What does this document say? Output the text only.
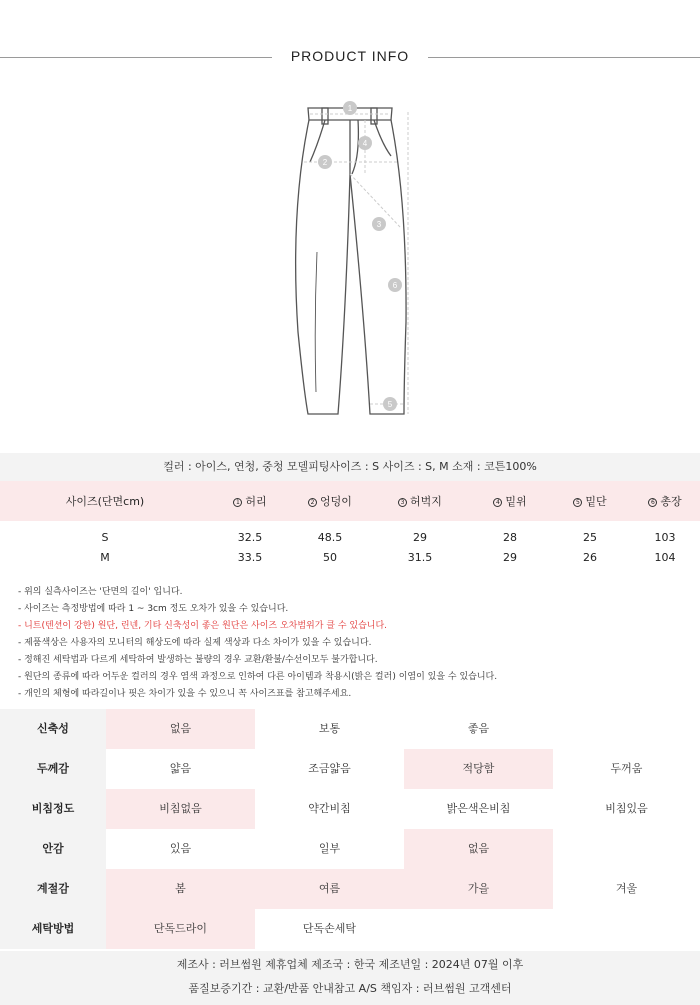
PRODUCT INFO
1
2
3
4
5
6
컬러 : 아이스, 연청, 중청 모델피팅사이즈 : S 사이즈 : S, M 소재 : 코튼100%
사이즈(단면cm)	1 허리	2 엉덩이	3 허벅지	4 밑위	5 밑단	6 총장
S	32.5	48.5	29	28	25	103
M	33.5	50	31.5	29	26	104
- 위의 실측사이즈는 '단면의 길이' 입니다.
- 사이즈는 측정방법에 따라 1 ~ 3cm 정도 오차가 있을 수 있습니다.
- 니트(텐션이 강한) 원단, 린넨, 기타 신축성이 좋은 원단은 사이즈 오차범위가 클 수 있습니다.
- 제품색상은 사용자의 모니터의 해상도에 따라 실제 색상과 다소 차이가 있을 수 있습니다.
- 정해진 세탁법과 다르게 세탁하여 발생하는 불량의 경우 교환/환불/수선이모두 불가합니다.
- 원단의 종류에 따라 어두운 컬러의 경우 염색 과정으로 인하여 다른 아이템과 착용시(밝은 컬러) 이염이 있을 수 있습니다.
- 개인의 체형에 따라길이나 핏은 차이가 있을 수 있으니 꼭 사이즈표를 참고해주세요.
신축성	없음	보통	좋음
두께감	얇음	조금얇음	적당함	두꺼움
비침정도	비침없음	약간비침	밝은색은비침	비침있음
안감	있음	일부	없음
계절감	봄	여름	가을	겨울
세탁방법	단독드라이	단독손세탁
제조사 : 러브썸원 제휴업체 제조국 : 한국 제조년일 : 2024년 07월 이후
품질보증기간 : 교환/반품 안내참고 A/S 책임자 : 러브썸원 고객센터
